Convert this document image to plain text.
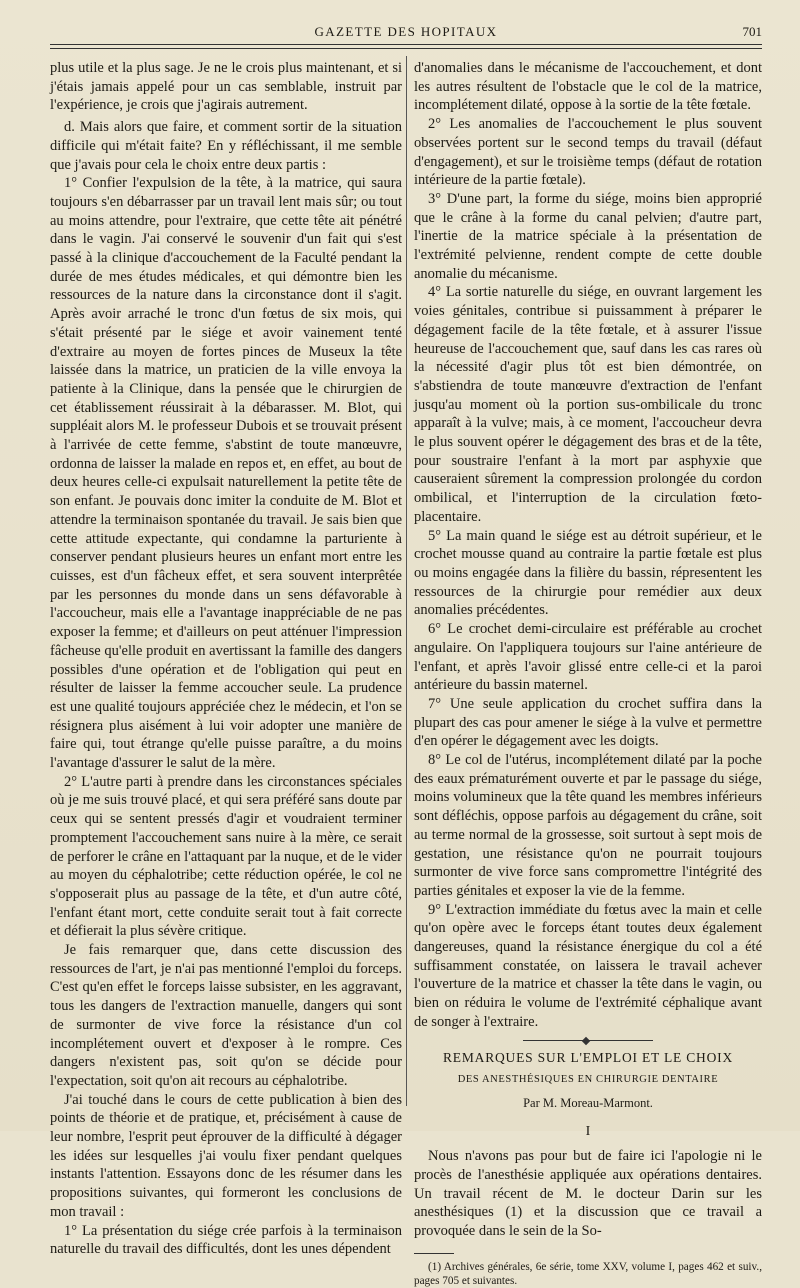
GAZETTE DES HOPITAUX	701

plus utile et la plus sage. Je ne le crois plus maintenant, et si j'étais jamais appelé pour un cas semblable, instruit par l'expérience, je crois que j'agirais autrement.

d. Mais alors que faire, et comment sortir de la situation difficile qui m'était faite? En y réfléchissant, il me semble que j'avais pour cela le choix entre deux partis :

1° Confier l'expulsion de la tête, à la matrice, qui saura toujours s'en débarrasser par un travail lent mais sûr; ou tout au moins attendre, pour l'extraire, que cette tête ait pénétré dans le vagin. J'ai conservé le souvenir d'un fait qui s'est passé à la clinique d'accouchement de la Faculté pendant la durée de mes études médicales, et qui démontre bien les ressources de la nature dans la circonstance dont il s'agit. Après avoir arraché le tronc d'un fœtus de six mois, qui s'était présenté par le siége et avoir vainement tenté d'extraire au moyen de fortes pinces de Museux la tête laissée dans la matrice, un praticien de la ville envoya la patiente à la Clinique, dans la pensée que le chirurgien de cet établissement réussirait à la débarasser. M. Blot, qui suppléait alors M. le professeur Dubois et se trouvait présent à l'arrivée de cette femme, s'abstint de toute manœuvre, ordonna de laisser la malade en repos et, en effet, au bout de deux heures celle-ci expulsait naturellement la petite tête de son enfant. Je pouvais donc imiter la conduite de M. Blot et attendre la terminaison spontanée du travail. Je sais bien que cette attitude expectante, qui condamne la parturiente à conserver pendant plusieurs heures un enfant mort entre les cuisses, est d'un fâcheux effet, et sera souvent interprêtée par les personnes du monde dans un sens défavorable à l'accoucheur, mais elle a l'avantage inappréciable de ne pas exposer la femme; et d'ailleurs on peut atténuer l'impression fâcheuse qu'elle produit en avertissant la famille des dangers possibles d'une opération et de l'obligation qui peut en résulter de laisser la femme accoucher seule. La prudence est une qualité toujours appréciée chez le médecin, et l'on se résignera plus aisément à lui voir adopter une manière de faire qui, tout étrange qu'elle puisse paraître, a du moins l'avantage d'assurer le salut de la mère.

2° L'autre parti à prendre dans les circonstances spéciales où je me suis trouvé placé, et qui sera préféré sans doute par ceux qui se sentent pressés d'agir et voudraient terminer promptement l'accouchement sans nuire à la mère, ce serait de perforer le crâne en l'attaquant par la nuque, et de le vider au moyen du céphalotribe; cette réduction opérée, le col ne s'opposerait plus au passage de la tête, et d'un autre côté, l'enfant étant mort, cette conduite serait tout à fait correcte et défierait la plus sévère critique.

Je fais remarquer que, dans cette discussion des ressources de l'art, je n'ai pas mentionné l'emploi du forceps. C'est qu'en effet le forceps laisse subsister, en les aggravant, tous les dangers de l'extraction manuelle, dangers qui sont de surmonter de vive force la résistance d'un col incomplétement ouvert et d'exposer à le rompre. Ces dangers n'existent pas, soit qu'on se décide pour l'expectation, soit qu'on ait recours au céphalotribe.

J'ai touché dans le cours de cette publication à bien des points de théorie et de pratique, et, précisément à cause de leur nombre, l'esprit peut éprouver de la difficulté à dégager les idées sur lesquelles j'ai voulu fixer pendant quelques instants l'attention. Essayons donc de les résumer dans les propositions suivantes, qui formeront les conclusions de mon travail :

1° La présentation du siége crée parfois à la terminaison naturelle du travail des difficultés, dont les unes dépendent

d'anomalies dans le mécanisme de l'accouchement, et dont les autres résultent de l'obstacle que le col de la matrice, incomplétement dilaté, oppose à la sortie de la tête fœtale.

2° Les anomalies de l'accouchement le plus souvent observées portent sur le second temps du travail (défaut d'engagement), et sur le troisième temps (défaut de rotation intérieure de la partie fœtale).

3° D'une part, la forme du siége, moins bien approprié que le crâne à la forme du canal pelvien; d'autre part, l'inertie de la matrice spéciale à la présentation de l'extrémité pelvienne, rendent compte de cette double anomalie du mécanisme.

4° La sortie naturelle du siége, en ouvrant largement les voies génitales, contribue si puissamment à préparer le dégagement facile de la tête fœtale, et à assurer l'issue heureuse de l'accouchement que, sauf dans les cas rares où la nécessité d'agir plus tôt est bien démontrée, on s'abstiendra de toute manœuvre d'extraction de l'enfant jusqu'au moment où la portion sus-ombilicale du tronc apparaît à la vulve; mais, à ce moment, l'accoucheur devra le plus souvent opérer le dégagement des bras et de la tête, pour soustraire l'enfant à la mort par asphyxie que causeraient sûrement la compression prolongée du cordon ombilical, et l'interruption de la circulation fœto-placentaire.

5° La main quand le siége est au détroit supérieur, et le crochet mousse quand au contraire la partie fœtale est plus ou moins engagée dans la filière du bassin, répresentent les ressources de la chirurgie pour remédier aux deux anomalies précédentes.

6° Le crochet demi-circulaire est préférable au crochet angulaire. On l'appliquera toujours sur l'aine antérieure de l'enfant, et après l'avoir glissé entre celle-ci et la paroi antérieure du bassin maternel.

7° Une seule application du crochet suffira dans la plupart des cas pour amener le siége à la vulve et permettre d'en opérer le dégagement avec les doigts.

8° Le col de l'utérus, incomplétement dilaté par la poche des eaux prématurément ouverte et par le passage du siége, moins volumineux que la tête quand les membres inférieurs sont défléchis, oppose parfois au dégagement du crâne, soit au terme normal de la grossesse, soit surtout à sept mois de gestation, une résistance qu'on ne pourrait toujours surmonter de vive force sans compromettre l'intégrité des parties génitales et exposer la vie de la femme.

9° L'extraction immédiate du fœtus avec la main et celle qu'on opère avec le forceps étant toutes deux également dangereuses, quand la résistance énergique du col a été suffisamment constatée, on laissera le travail achever l'ouverture de la matrice et chasser la tête dans le vagin, ou bien on réduira le volume de l'extrémité céphalique avant de songer à l'extraire.

REMARQUES SUR L'EMPLOI ET LE CHOIX
DES ANESTHÉSIQUES EN CHIRURGIE DENTAIRE
Par M. Moreau-Marmont.
I

Nous n'avons pas pour but de faire ici l'apologie ni le procès de l'anesthésie appliquée aux opérations dentaires. Un travail récent de M. le docteur Darin sur les anesthésiques (1) et la discussion que ce travail a provoquée dans le sein de la So-

(1) Archives générales, 6e série, tome XXV, volume I, pages 462 et suiv., pages 705 et suivantes.
